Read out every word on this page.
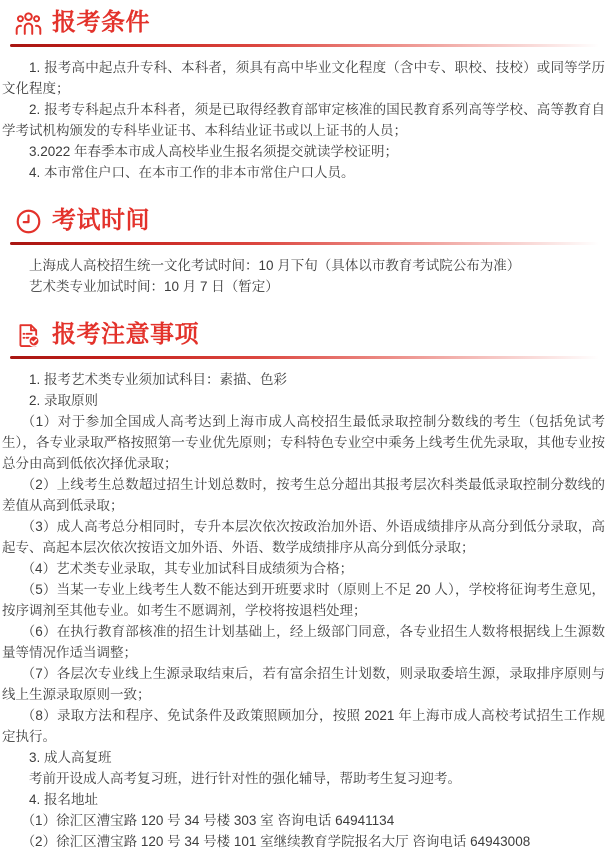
报考条件

1. 报考高中起点升专科、本科者，须具有高中毕业文化程度（含中专、职校、技校）或同等学历文化程度；

2. 报考专科起点升本科者，须是已取得经教育部审定核准的国民教育系列高等学校、高等教育自学考试机构颁发的专科毕业证书、本科结业证书或以上证书的人员；

3.2022 年春季本市成人高校毕业生报名须提交就读学校证明；

4. 本市常住户口、在本市工作的非本市常住户口人员。

考试时间

上海成人高校招生统一文化考试时间：10 月下旬（具体以市教育考试院公布为准）

艺术类专业加试时间：10 月 7 日（暂定）

报考注意事项

1. 报考艺术类专业须加试科目：素描、色彩

2. 录取原则

（1）对于参加全国成人高考达到上海市成人高校招生最低录取控制分数线的考生（包括免试考生），各专业录取严格按照第一专业优先原则；专科特色专业空中乘务上线考生优先录取，其他专业按总分由高到低依次择优录取；

（2）上线考生总数超过招生计划总数时，按考生总分超出其报考层次科类最低录取控制分数线的差值从高到低录取；

（3）成人高考总分相同时，专升本层次依次按政治加外语、外语成绩排序从高分到低分录取，高起专、高起本层次依次按语文加外语、外语、数学成绩排序从高分到低分录取；

（4）艺术类专业录取，其专业加试科目成绩须为合格；

（5）当某一专业上线考生人数不能达到开班要求时（原则上不足 20 人），学校将征询考生意见，按序调剂至其他专业。如考生不愿调剂，学校将按退档处理；

（6）在执行教育部核准的招生计划基础上，经上级部门同意，各专业招生人数将根据线上生源数量等情况作适当调整；

（7）各层次专业线上生源录取结束后，若有富余招生计划数，则录取委培生源，录取排序原则与线上生源录取原则一致；

（8）录取方法和程序、免试条件及政策照顾加分，按照 2021 年上海市成人高校考试招生工作规定执行。

3. 成人高复班

考前开设成人高考复习班，进行针对性的强化辅导，帮助考生复习迎考。

4. 报名地址

（1）徐汇区漕宝路 120 号 34 号楼 303 室 咨询电话 64941134

（2）徐汇区漕宝路 120 号 34 号楼 101 室继续教育学院报名大厅 咨询电话 64943008
